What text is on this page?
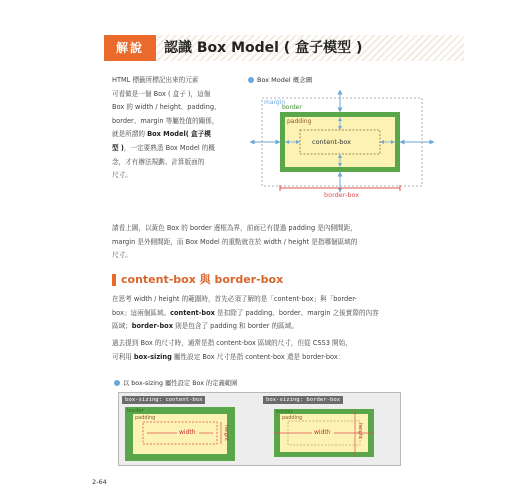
解說	認識 Box Model ( 盒子模型 )
HTML 標籤所標記出來的元素
可看做是一個 Box ( 盒子 )，這個
Box 的 width / height、padding、
border、margin 等屬性值的關係，
就是所謂的 Box Model( 盒子模
型 )，一定要熟悉 Box Model 的概
念，才有辦法規劃、計算版面的
尺寸。
Box Model 概念圖
margin
border
padding
content-box
border-box
請看上圖，以黃色 Box 的 border 邊框為界，前面已有提過 padding 是內側間距，
margin 是外側間距，而 Box Model 的重點就在於 width / height 是指哪個區域的
尺寸。
content-box 與 border-box
在思考 width / height 的範圍時，首先必須了解的是「content-box」與「border-
box」這兩個區域。content-box 是扣除了 padding、border、margin 之後實際的內容
區域；border-box 則是包含了 padding 和 border 的區域。
過去提到 Box 的尺寸時，通常是指 content-box 區域的尺寸，但從 CSS3 開始，
可利用 box-sizing 屬性設定 Box 尺寸是指 content-box 還是 border-box：
以 box-sizing 屬性設定 Box 的定義範圍
box-sizing: content-box
border
padding
width	height
box-sizing: border-box
border
padding
width	height
2-64
